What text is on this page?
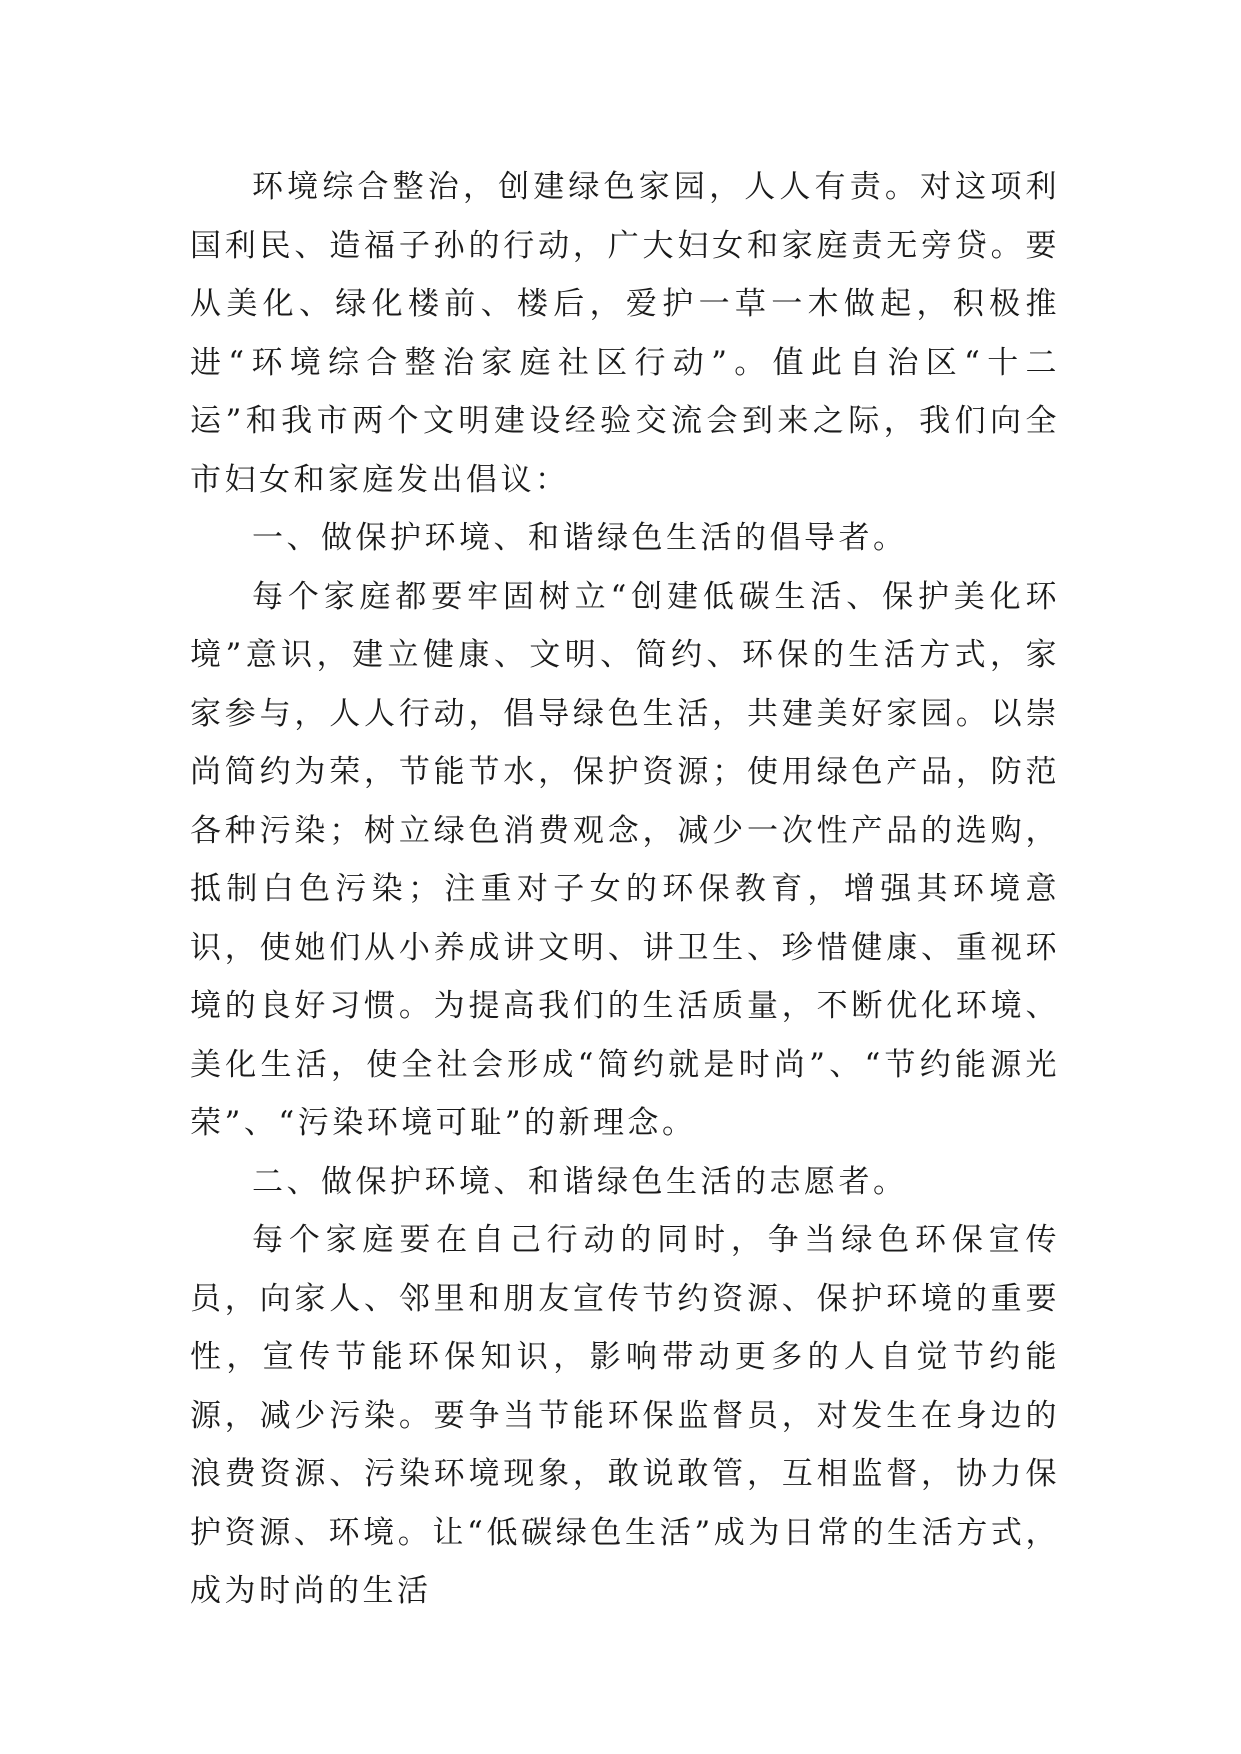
环境综合整治，创建绿色家园，人人有责。对这项利国利民、造福子孙的行动，广大妇女和家庭责无旁贷。要从美化、绿化楼前、楼后，爱护一草一木做起，积极推进“环境综合整治家庭社区行动”。值此自治区“十二运”和我市两个文明建设经验交流会到来之际，我们向全市妇女和家庭发出倡议：

一、做保护环境、和谐绿色生活的倡导者。

每个家庭都要牢固树立“创建低碳生活、保护美化环境”意识，建立健康、文明、简约、环保的生活方式，家家参与，人人行动，倡导绿色生活，共建美好家园。以崇尚简约为荣，节能节水，保护资源；使用绿色产品，防范各种污染；树立绿色消费观念，减少一次性产品的选购，抵制白色污染；注重对子女的环保教育，增强其环境意识，使她们从小养成讲文明、讲卫生、珍惜健康、重视环境的良好习惯。为提高我们的生活质量，不断优化环境、美化生活，使全社会形成“简约就是时尚”、“节约能源光荣”、“污染环境可耻”的新理念。

二、做保护环境、和谐绿色生活的志愿者。

每个家庭要在自己行动的同时，争当绿色环保宣传员，向家人、邻里和朋友宣传节约资源、保护环境的重要性，宣传节能环保知识，影响带动更多的人自觉节约能源，减少污染。要争当节能环保监督员，对发生在身边的浪费资源、污染环境现象，敢说敢管，互相监督，协力保护资源、环境。让“低碳绿色生活”成为日常的生活方式，成为时尚的生活
